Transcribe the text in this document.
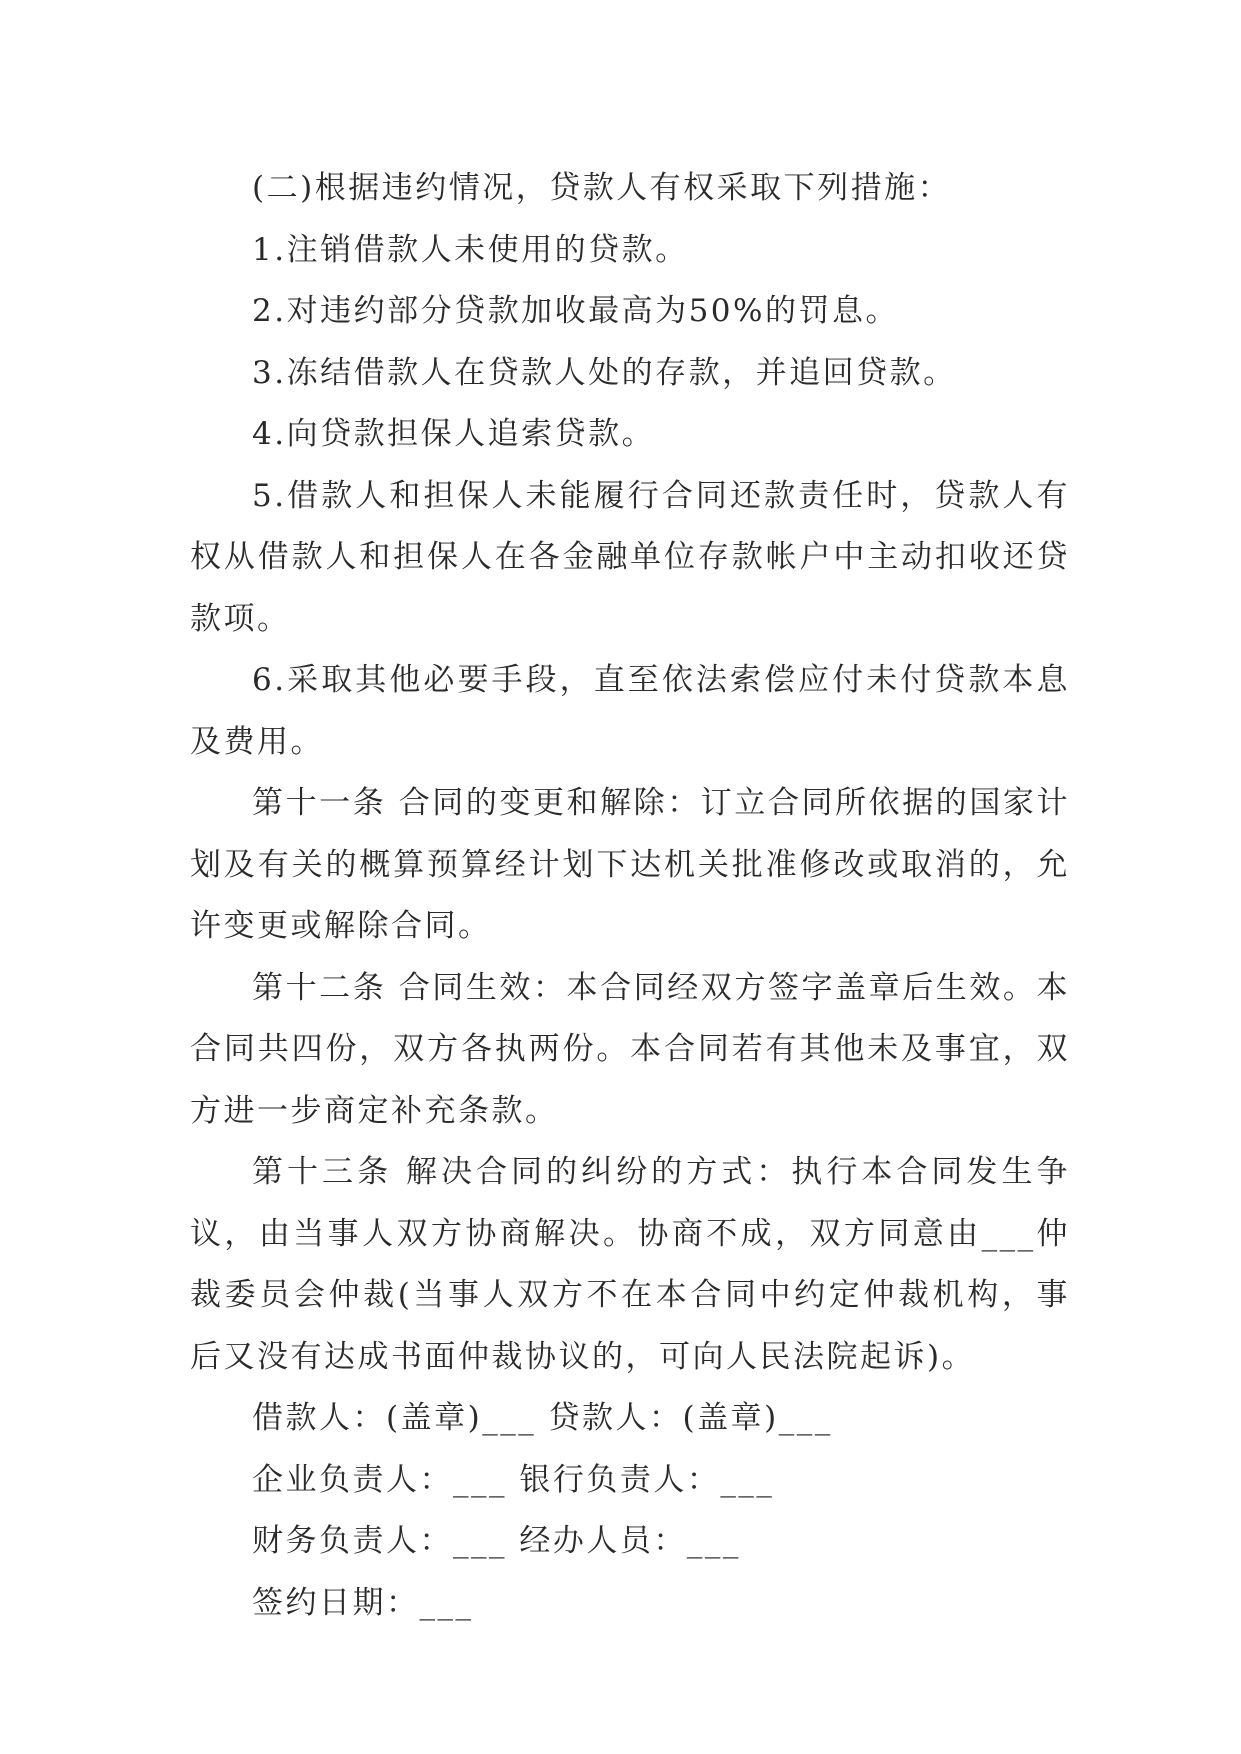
(二)根据违约情况，贷款人有权采取下列措施：

1.注销借款人未使用的贷款。

2.对违约部分贷款加收最高为50%的罚息。

3.冻结借款人在贷款人处的存款，并追回贷款。

4.向贷款担保人追索贷款。

5.借款人和担保人未能履行合同还款责任时，贷款人有权从借款人和担保人在各金融单位存款帐户中主动扣收还贷款项。

6.采取其他必要手段，直至依法索偿应付未付贷款本息及费用。

第十一条 合同的变更和解除：订立合同所依据的国家计划及有关的概算预算经计划下达机关批准修改或取消的，允许变更或解除合同。

第十二条 合同生效：本合同经双方签字盖章后生效。本合同共四份，双方各执两份。本合同若有其他未及事宜，双方进一步商定补充条款。

第十三条 解决合同的纠纷的方式：执行本合同发生争议，由当事人双方协商解决。协商不成，双方同意由___仲裁委员会仲裁(当事人双方不在本合同中约定仲裁机构，事后又没有达成书面仲裁协议的，可向人民法院起诉)。

借款人：(盖章)___ 贷款人：(盖章)___

企业负责人：___ 银行负责人：___

财务负责人：___ 经办人员：___

签约日期：___
